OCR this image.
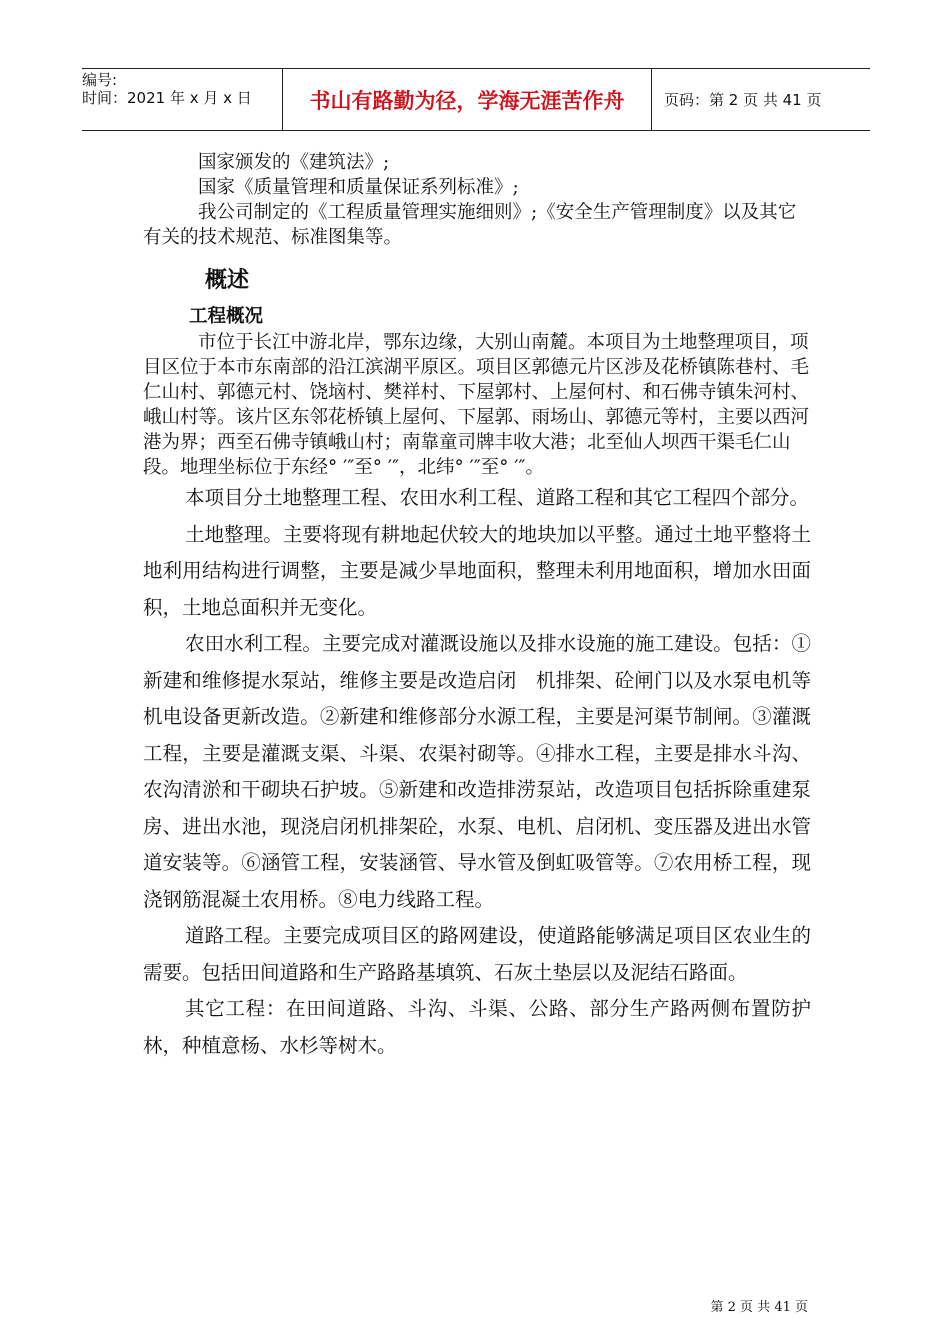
编号:
时间：2021 年 x 月 x 日	书山有路勤为径，学海无涯苦作舟	页码：第 2 页 共 41 页

国家颁发的《建筑法》;

国家《质量管理和质量保证系列标准》;

我公司制定的《工程质量管理实施细则》;《安全生产管理制度》以及其它有关的技术规范、标准图集等。

概述
工程概况

市位于长江中游北岸，鄂东边缘，大别山南麓。本项目为土地整理项目，项目区位于本市东南部的沿江滨湖平原区。项目区郭德元片区涉及花桥镇陈巷村、毛仁山村、郭德元村、饶垴村、樊祥村、下屋郭村、上屋何村、和石佛寺镇朱河村、峨山村等。该片区东邻花桥镇上屋何、下屋郭、雨场山、郭德元等村，主要以西河港为界；西至石佛寺镇峨山村；南靠童司牌丰收大港；北至仙人坝西干渠毛仁山段。地理坐标位于东经° ′″至° ′″，北纬° ′″至° ′″。

本项目分土地整理工程、农田水利工程、道路工程和其它工程四个部分。

土地整理。主要将现有耕地起伏较大的地块加以平整。通过土地平整将土地利用结构进行调整，主要是减少旱地面积，整理未利用地面积，增加水田面积，土地总面积并无变化。

农田水利工程。主要完成对灌溉设施以及排水设施的施工建设。包括：①新建和维修提水泵站，维修主要是改造启闭　机排架、砼闸门以及水泵电机等机电设备更新改造。②新建和维修部分水源工程，主要是河渠节制闸。③灌溉工程，主要是灌溉支渠、斗渠、农渠衬砌等。④排水工程，主要是排水斗沟、农沟清淤和干砌块石护坡。⑤新建和改造排涝泵站，改造项目包括拆除重建泵房、进出水池，现浇启闭机排架砼，水泵、电机、启闭机、变压器及进出水管道安装等。⑥涵管工程，安装涵管、导水管及倒虹吸管等。⑦农用桥工程，现浇钢筋混凝土农用桥。⑧电力线路工程。

道路工程。主要完成项目区的路网建设，使道路能够满足项目区农业生的需要。包括田间道路和生产路路基填筑、石灰土垫层以及泥结石路面。

其它工程：在田间道路、斗沟、斗渠、公路、部分生产路两侧布置防护林，种植意杨、水杉等树木。

第 2 页 共 41 页
